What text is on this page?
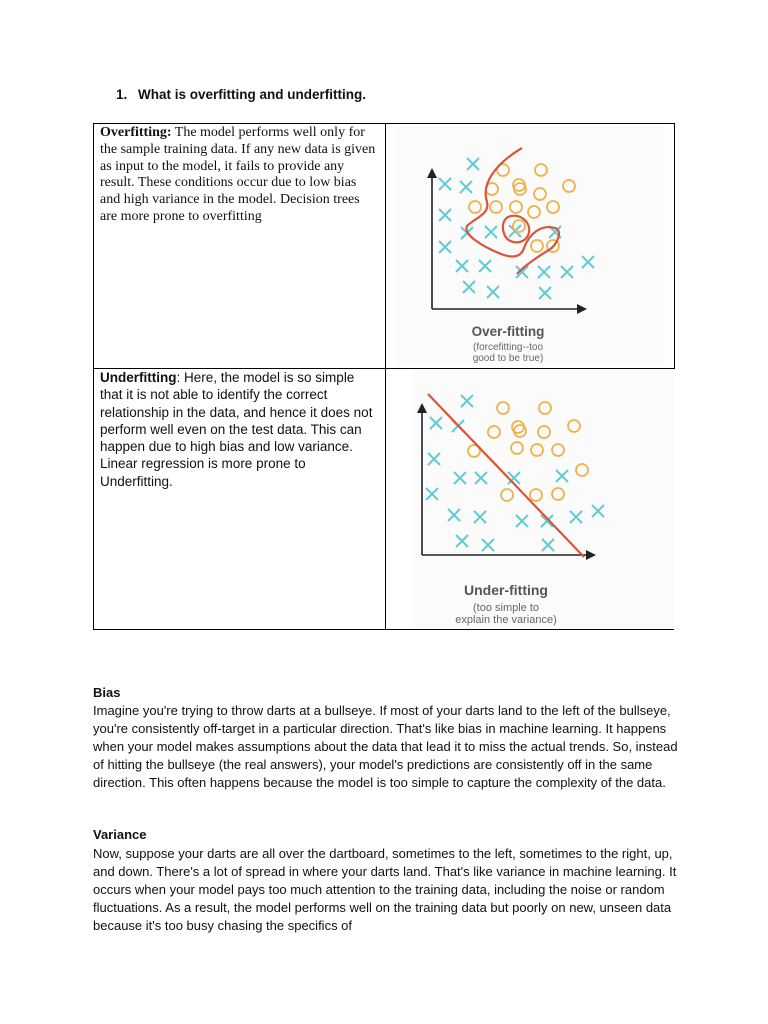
1. What is overfitting and underfitting.
Overfitting: The model performs well only for the sample training data. If any new data is given as input to the model, it fails to provide any result. These conditions occur due to low bias and high variance in the model. Decision trees are more prone to overfitting
Underfitting: Here, the model is so simple that it is not able to identify the correct relationship in the data, and hence it does not perform well even on the test data. This can happen due to high bias and low variance. Linear regression is more prone to Underfitting.
Over-fitting
(forcefitting--too
good to be true)
Under-fitting
(too simple to
explain the variance)
Bias
Imagine you're trying to throw darts at a bullseye. If most of your darts land to the left of the bullseye, you're consistently off-target in a particular direction. That's like bias in machine learning. It happens when your model makes assumptions about the data that lead it to miss the actual trends. So, instead of hitting the bullseye (the real answers), your model's predictions are consistently off in the same direction. This often happens because the model is too simple to capture the complexity of the data.
Variance
Now, suppose your darts are all over the dartboard, sometimes to the left, sometimes to the right, up, and down. There's a lot of spread in where your darts land. That's like variance in machine learning. It occurs when your model pays too much attention to the training data, including the noise or random fluctuations. As a result, the model performs well on the training data but poorly on new, unseen data because it's too busy chasing the specifics of
